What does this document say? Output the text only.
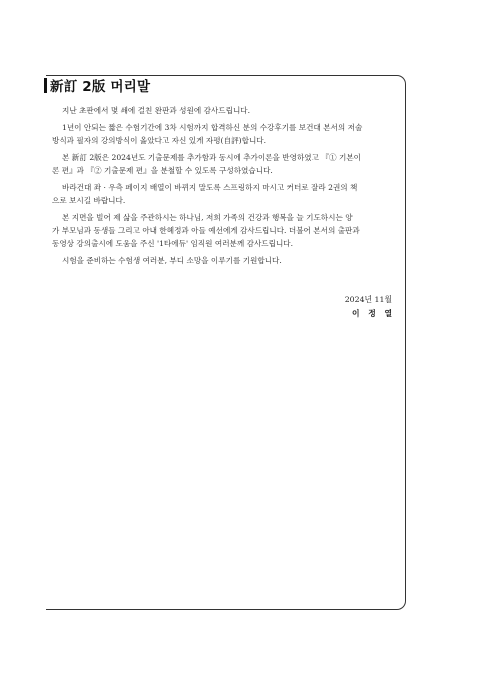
新訂 2版 머리말

지난 초판에서 몇 쇄에 걸친 완판과 성원에 감사드립니다.

1년이 안되는 짧은 수험기간에 3차 시험까지 합격하신 분의 수강후기를 보건대 본서의 저술
방식과 필자의 강의방식이 옳았다고 자신 있게 자평(自評)합니다.

본 新訂 2版은 2024년도 기출문제를 추가함과 동시에 추가이론을 반영하였고 『① 기본이
론 편』과 『② 기출문제 편』을 분철할 수 있도록 구성하였습니다.

바라건대 좌 · 우측 페이지 배열이 바뀌지 말도록 스프링하지 마시고 커터로 잘라 2권의 책
으로 보시길 바랍니다.

본 지면을 빌어 제 삶을 주관하시는 하나님, 저희 가족의 건강과 행복을 늘 기도하시는 양
가 부모님과 동생들 그리고 아내 한혜정과 아들 예선에게 감사드립니다. 더불어 본서의 출판과
동영상 강의출시에 도움을 주신 '1타에듀' 임직원 여러분께 감사드립니다.

시험을 준비하는 수험생 여러분, 부디 소망을 이루기를 기원합니다.

2024년 11월
이 정 열
